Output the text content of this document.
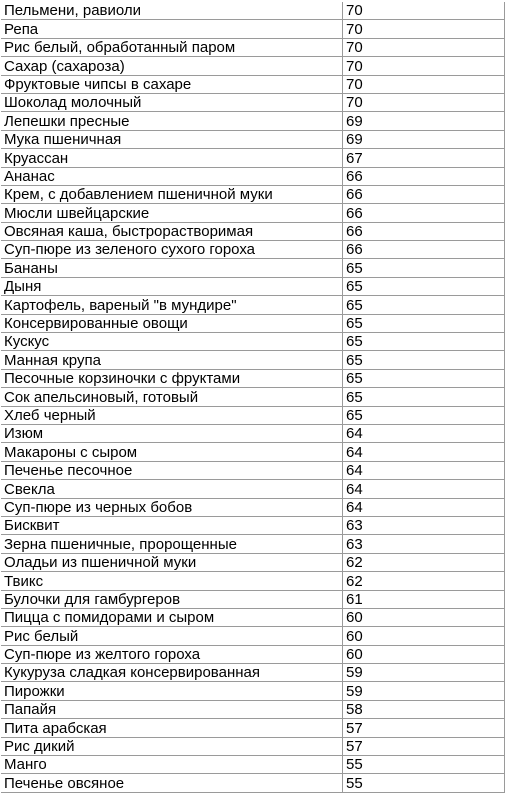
Пельмени, равиоли	70
Репа	70
Рис белый, обработанный паром	70
Сахар (сахароза)	70
Фруктовые чипсы в сахаре	70
Шоколад молочный	70
Лепешки пресные	69
Мука пшеничная	69
Круассан	67
Ананас	66
Крем, с добавлением пшеничной муки	66
Мюсли швейцарские	66
Овсяная каша, быстрорастворимая	66
Суп-пюре из зеленого сухого гороха	66
Бананы	65
Дыня	65
Картофель, вареный "в мундире"	65
Консервированные овощи	65
Кускус	65
Манная крупа	65
Песочные корзиночки с фруктами	65
Сок апельсиновый, готовый	65
Хлеб черный	65
Изюм	64
Макароны с сыром	64
Печенье песочное	64
Свекла	64
Суп-пюре из черных бобов	64
Бисквит	63
Зерна пшеничные, пророщенные	63
Оладьи из пшеничной муки	62
Твикс	62
Булочки для гамбургеров	61
Пицца с помидорами и сыром	60
Рис белый	60
Суп-пюре из желтого гороха	60
Кукуруза сладкая консервированная	59
Пирожки	59
Папайя	58
Пита арабская	57
Рис дикий	57
Манго	55
Печенье овсяное	55
